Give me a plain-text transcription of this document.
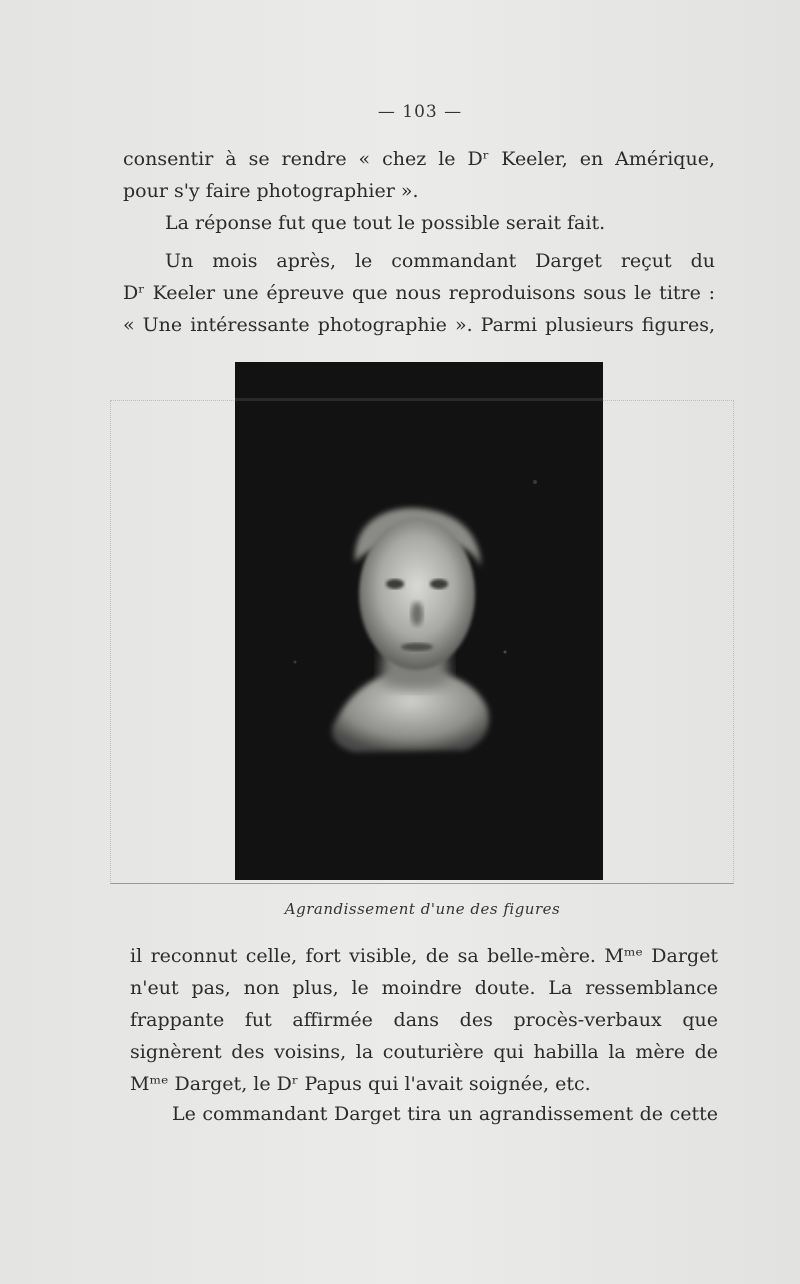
— 103 —
consentir à se rendre « chez le Dʳ Keeler, en Amérique,
pour s'y faire photographier ».
La réponse fut que tout le possible serait fait.
Un mois après, le commandant Darget reçut du
Dʳ Keeler une épreuve que nous reproduisons sous le titre :
« Une intéressante photographie ». Parmi plusieurs figures,
Agrandissement d'une des figures
il reconnut celle, fort visible, de sa belle-mère. Mᵐᵉ Darget
n'eut pas, non plus, le moindre doute. La ressemblance
frappante fut affirmée dans des procès-verbaux que
signèrent des voisins, la couturière qui habilla la mère de
Mᵐᵉ Darget, le Dʳ Papus qui l'avait soignée, etc.
Le commandant Darget tira un agrandissement de cette
